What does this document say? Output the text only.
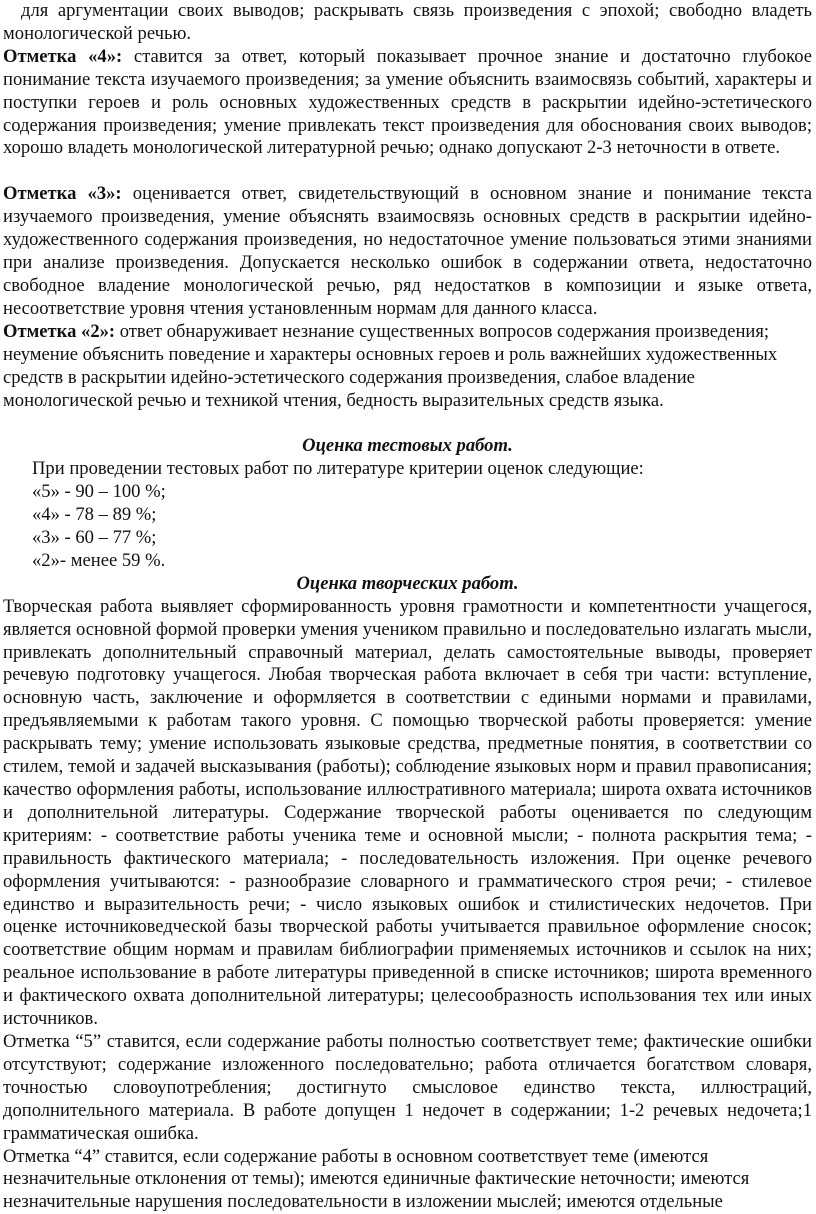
для аргументации своих выводов; раскрывать связь произведения с эпохой; свободно владеть монологической речью.

Отметка «4»: ставится за ответ, который показывает прочное знание и достаточно глубокое понимание текста изучаемого произведения; за умение объяснить взаимосвязь событий, характеры и поступки героев и роль основных художественных средств в раскрытии идейно-эстетического содержания произведения; умение привлекать текст произведения для обоснования своих выводов; хорошо владеть монологической литературной речью; однако допускают 2-3 неточности в ответе.

Отметка «3»: оценивается ответ, свидетельствующий в основном знание и понимание текста изучаемого произведения, умение объяснять взаимосвязь основных средств в раскрытии идейно-художественного содержания произведения, но недостаточное умение пользоваться этими знаниями при анализе произведения. Допускается несколько ошибок в содержании ответа, недостаточно свободное владение монологической речью, ряд недостатков в композиции и языке ответа, несоответствие уровня чтения установленным нормам для данного класса.

Отметка «2»: ответ обнаруживает незнание существенных вопросов содержания произведения; неумение объяснить поведение и характеры основных героев и роль важнейших художественных средств в раскрытии идейно-эстетического содержания произведения, слабое владение монологической речью и техникой чтения, бедность выразительных средств языка.

Оценка тестовых работ.

При проведении тестовых работ по литературе критерии оценок следующие:

«5» - 90 – 100 %;

«4» - 78 – 89 %;

«3» - 60 – 77 %;

«2»- менее 59 %.

Оценка творческих работ.

Творческая работа выявляет сформированность уровня грамотности и компетентности учащегося, является основной формой проверки умения учеником правильно и последовательно излагать мысли, привлекать дополнительный справочный материал, делать самостоятельные выводы, проверяет речевую подготовку учащегося. Любая творческая работа включает в себя три части: вступление, основную часть, заключение и оформляется в соответствии с едиными нормами и правилами, предъявляемыми к работам такого уровня. С помощью творческой работы проверяется: умение раскрывать тему; умение использовать языковые средства, предметные понятия, в соответствии со стилем, темой и задачей высказывания (работы); соблюдение языковых норм и правил правописания; качество оформления работы, использование иллюстративного материала; широта охвата источников и дополнительной литературы. Содержание творческой работы оценивается по следующим критериям: - соответствие работы ученика теме и основной мысли; - полнота раскрытия тема; - правильность фактического материала; - последовательность изложения. При оценке речевого оформления учитываются: - разнообразие словарного и грамматического строя речи; - стилевое единство и выразительность речи; - число языковых ошибок и стилистических недочетов. При оценке источниковедческой базы творческой работы учитывается правильное оформление сносок; соответствие общим нормам и правилам библиографии применяемых источников и ссылок на них; реальное использование в работе литературы приведенной в списке источников; широта временного и фактического охвата дополнительной литературы; целесообразность использования тех или иных источников.

Отметка “5” ставится, если содержание работы полностью соответствует теме; фактические ошибки отсутствуют; содержание изложенного последовательно; работа отличается богатством словаря, точностью словоупотребления; достигнуто смысловое единство текста, иллюстраций, дополнительного материала. В работе допущен 1 недочет в содержании; 1-2 речевых недочета;1 грамматическая ошибка.

Отметка “4” ставится, если содержание работы в основном соответствует теме (имеются незначительные отклонения от темы); имеются единичные фактические неточности; имеются незначительные нарушения последовательности в изложении мыслей; имеются отдельные
